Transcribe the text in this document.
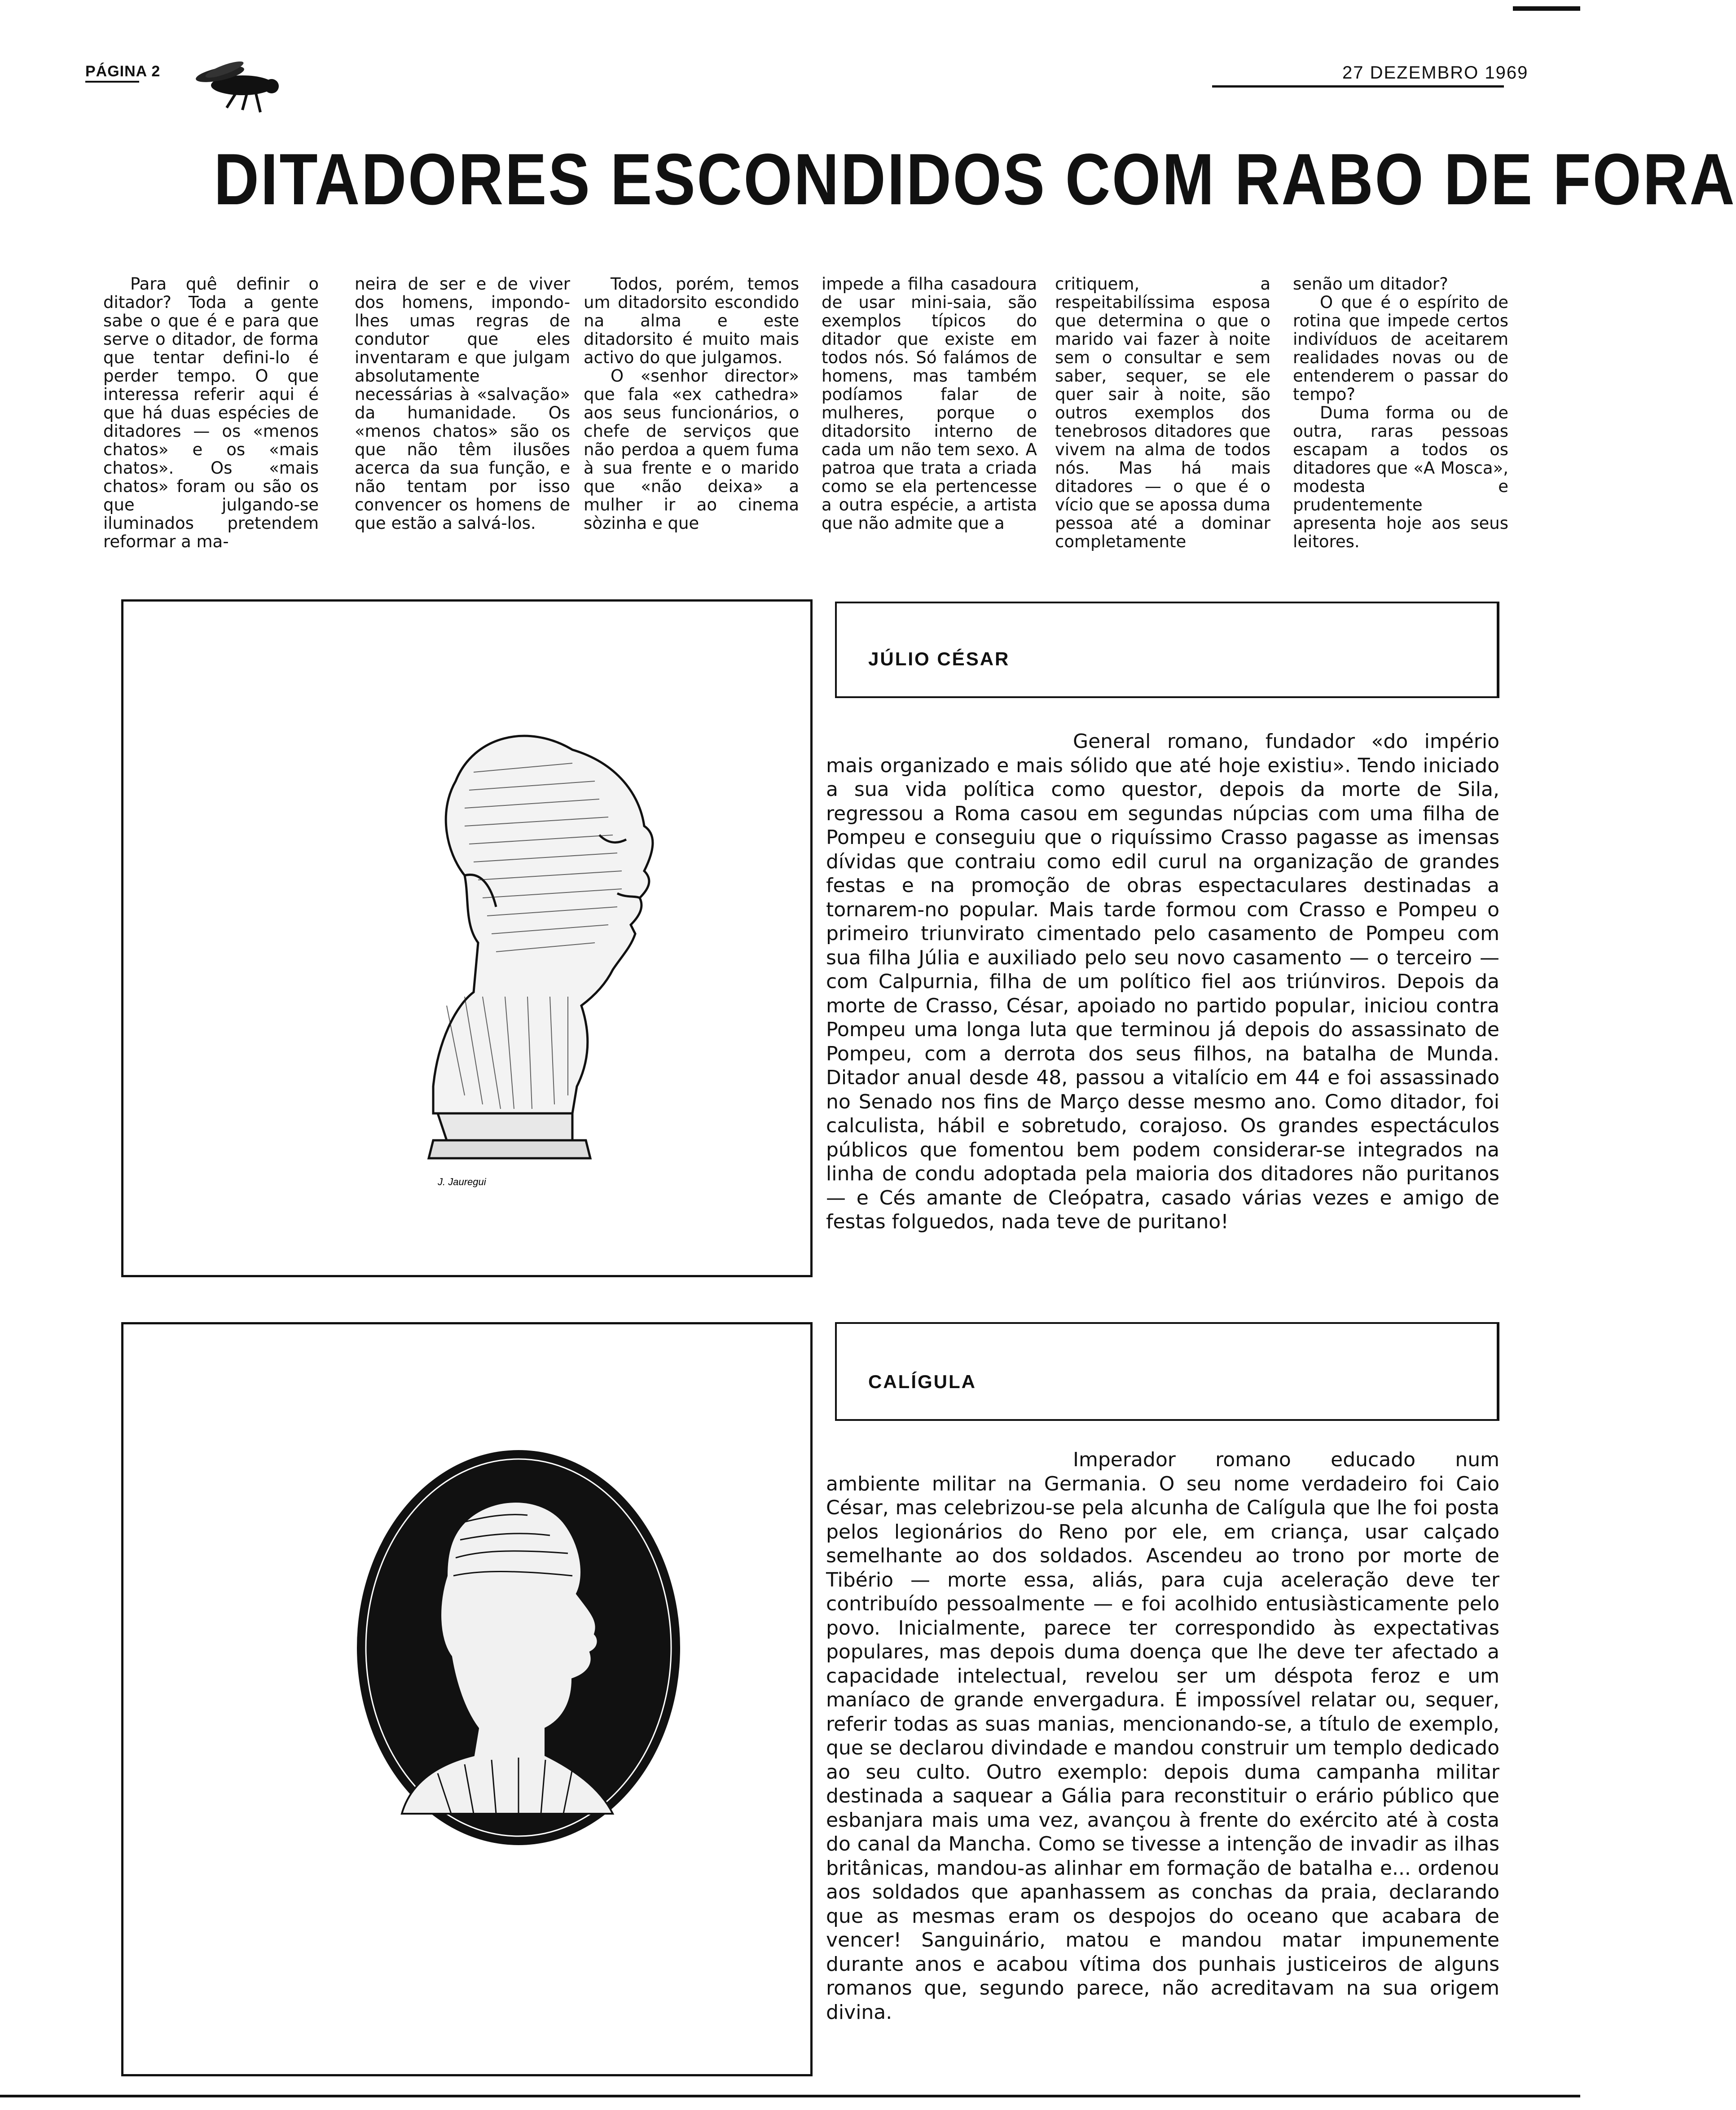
PÁGINA 2	27 DEZEMBRO 1969
DITADORES ESCONDIDOS COM RABO DE FORA
Para quê definir o ditador? Toda a gente sabe o que é e para que serve o ditador, de forma que tentar defini-lo é perder tempo. O que interessa referir aqui é que há duas espécies de ditadores — os «menos chatos» e os «mais chatos». Os «mais chatos» foram ou são os que julgando-se iluminados pretendem reformar a ma-
neira de ser e de viver dos homens, impondo-lhes umas regras de condutor que eles inventaram e que julgam absolutamente necessárias à «salvação» da humanidade. Os «menos chatos» são os que não têm ilusões acerca da sua função, e não tentam por isso convencer os homens de que estão a salvá-los.

Todos, porém, temos um ditadorsito escondido na alma e este ditadorsito é muito mais activo do que julgamos.

O «senhor director» que fala «ex cathedra» aos seus funcionários, o chefe de serviços que não perdoa a quem fuma à sua frente e o marido que «não deixa» a mulher ir ao cinema sòzinha e que

impede a filha casadoura de usar mini-saia, são exemplos típicos do ditador que existe em todos nós. Só falámos de homens, mas também podíamos falar de mulheres, porque o ditadorsito interno de cada um não tem sexo. A patroa que trata a criada como se ela pertencesse a outra espécie, a artista que não admite que a
critiquem, a respeitabilíssima esposa que determina o que o marido vai fazer à noite sem o consultar e sem saber, sequer, se ele quer sair à noite, são outros exemplos dos tenebrosos ditadores que vivem na alma de todos nós. Mas há mais ditadores — o que é o vício que se apossa duma pessoa até a dominar completamente

senão um ditador?

O que é o espírito de rotina que impede certos indivíduos de aceitarem realidades novas ou de entenderem o passar do tempo?

Duma forma ou de outra, raras pessoas escapam a todos os ditadores que «A Mosca», modesta e prudentemente apresenta hoje aos seus leitores.

J. Jauregui
JÚLIO CÉSAR

General romano, fundador «do império mais organizado e mais sólido que até hoje existiu». Tendo iniciado a sua vida política como questor, depois da morte de Sila, regressou a Roma casou em segundas núpcias com uma filha de Pompeu e conseguiu que o riquíssimo Crasso pagasse as imensas dívidas que contraiu como edil curul na organização de grandes festas e na promoção de obras espectaculares destinadas a tornarem-no popular. Mais tarde formou com Crasso e Pompeu o primeiro triunvirato cimentado pelo casamento de Pompeu com sua filha Júlia e auxiliado pelo seu novo casamento — o terceiro — com Calpurnia, filha de um político fiel aos triúnviros. Depois da morte de Crasso, César, apoiado no partido popular, iniciou contra Pompeu uma longa luta que terminou já depois do assassinato de Pompeu, com a derrota dos seus filhos, na batalha de Munda. Ditador anual desde 48, passou a vitalício em 44 e foi assassinado no Senado nos fins de Março desse mesmo ano. Como ditador, foi calculista, hábil e sobretudo, corajoso. Os grandes espectáculos públicos que fomentou bem podem considerar-se integrados na linha de condu adoptada pela maioria dos ditadores não puritanos — e Cés amante de Cleópatra, casado várias vezes e amigo de festas folguedos, nada teve de puritano!

CALÍGULA

Imperador romano educado num ambiente militar na Germania. O seu nome verdadeiro foi Caio César, mas celebrizou-se pela alcunha de Calígula que lhe foi posta pelos legionários do Reno por ele, em criança, usar calçado semelhante ao dos soldados. Ascendeu ao trono por morte de Tibério — morte essa, aliás, para cuja aceleração deve ter contribuído pessoalmente — e foi acolhido entusiàsticamente pelo povo. Inicialmente, parece ter correspondido às expectativas populares, mas depois duma doença que lhe deve ter afectado a capacidade intelectual, revelou ser um déspota feroz e um maníaco de grande envergadura. É impossível relatar ou, sequer, referir todas as suas manias, mencionando-se, a título de exemplo, que se declarou divindade e mandou construir um templo dedicado ao seu culto. Outro exemplo: depois duma campanha militar destinada a saquear a Gália para reconstituir o erário público que esbanjara mais uma vez, avançou à frente do exército até à costa do canal da Mancha. Como se tivesse a intenção de invadir as ilhas britânicas, mandou-as alinhar em formação de batalha e... ordenou aos soldados que apanhassem as conchas da praia, declarando que as mesmas eram os despojos do oceano que acabara de vencer! Sanguinário, matou e mandou matar impunemente durante anos e acabou vítima dos punhais justiceiros de alguns romanos que, segundo parece, não acreditavam na sua origem divina.
